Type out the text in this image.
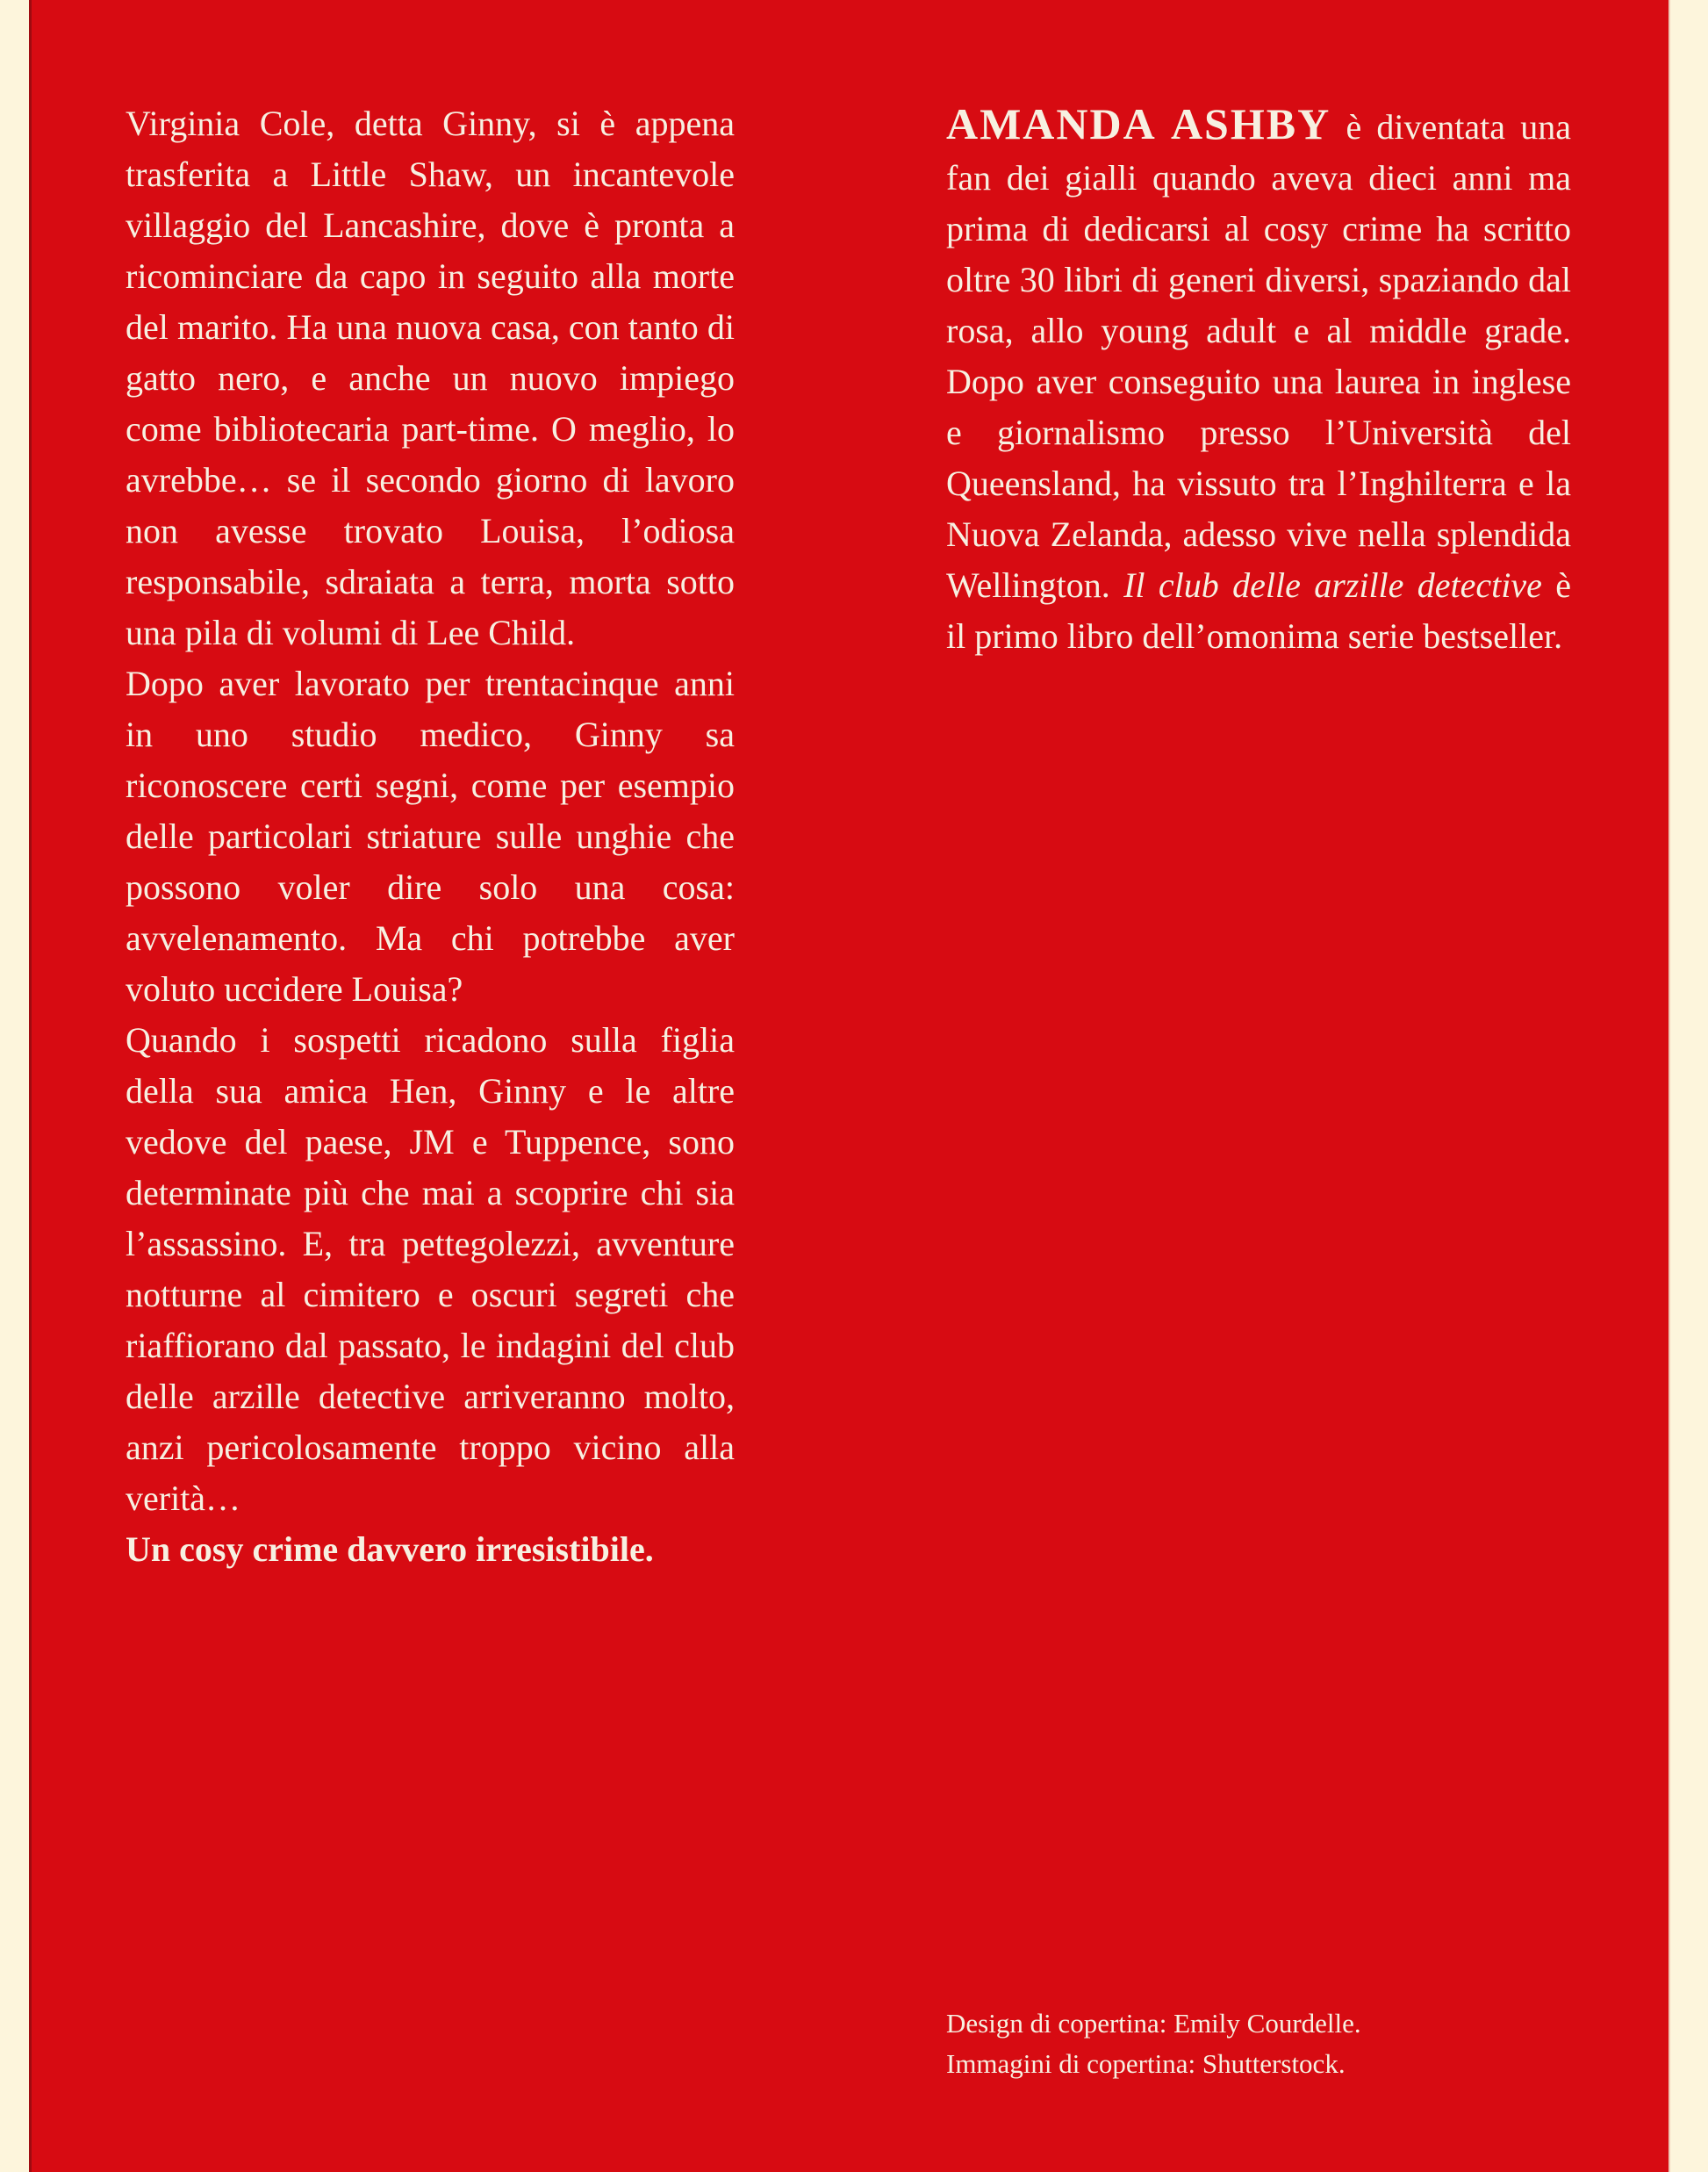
Virginia Cole, detta Ginny, si è appena trasferita a Little Shaw, un incantevole villaggio del Lancashire, dove è pronta a ricominciare da capo in seguito alla morte del marito. Ha una nuova casa, con tanto di gatto nero, e anche un nuovo impiego come bibliotecaria part-time. O meglio, lo avrebbe… se il secondo giorno di lavoro non avesse trovato Louisa, l’odiosa responsabile, sdraiata a terra, morta sotto una pila di volumi di Lee Child.

Dopo aver lavorato per trentacinque anni in uno studio medico, Ginny sa riconoscere certi segni, come per esempio delle particolari striature sulle unghie che possono voler dire solo una cosa: avvelenamento. Ma chi potrebbe aver voluto uccidere Louisa?

Quando i sospetti ricadono sulla figlia della sua amica Hen, Ginny e le altre vedove del paese, JM e Tuppence, sono determinate più che mai a scoprire chi sia l’assassino. E, tra pettegolezzi, avventure notturne al cimitero e oscuri segreti che riaffiorano dal passato, le indagini del club delle arzille detective arriveranno molto, anzi pericolosamente troppo vicino alla verità…

Un cosy crime davvero irresistibile.

AMANDA ASHBY è diventata una fan dei gialli quando aveva dieci anni ma prima di dedicarsi al cosy crime ha scritto oltre 30 libri di generi diversi, spaziando dal rosa, allo young adult e al middle grade. Dopo aver conseguito una laurea in inglese e giornalismo presso l’Università del Queensland, ha vissuto tra l’Inghilterra e la Nuova Zelanda, adesso vive nella splendida Wellington. Il club delle arzille detective è il primo libro dell’omonima serie bestseller.

Design di copertina: Emily Courdelle.

Immagini di copertina: Shutterstock.
